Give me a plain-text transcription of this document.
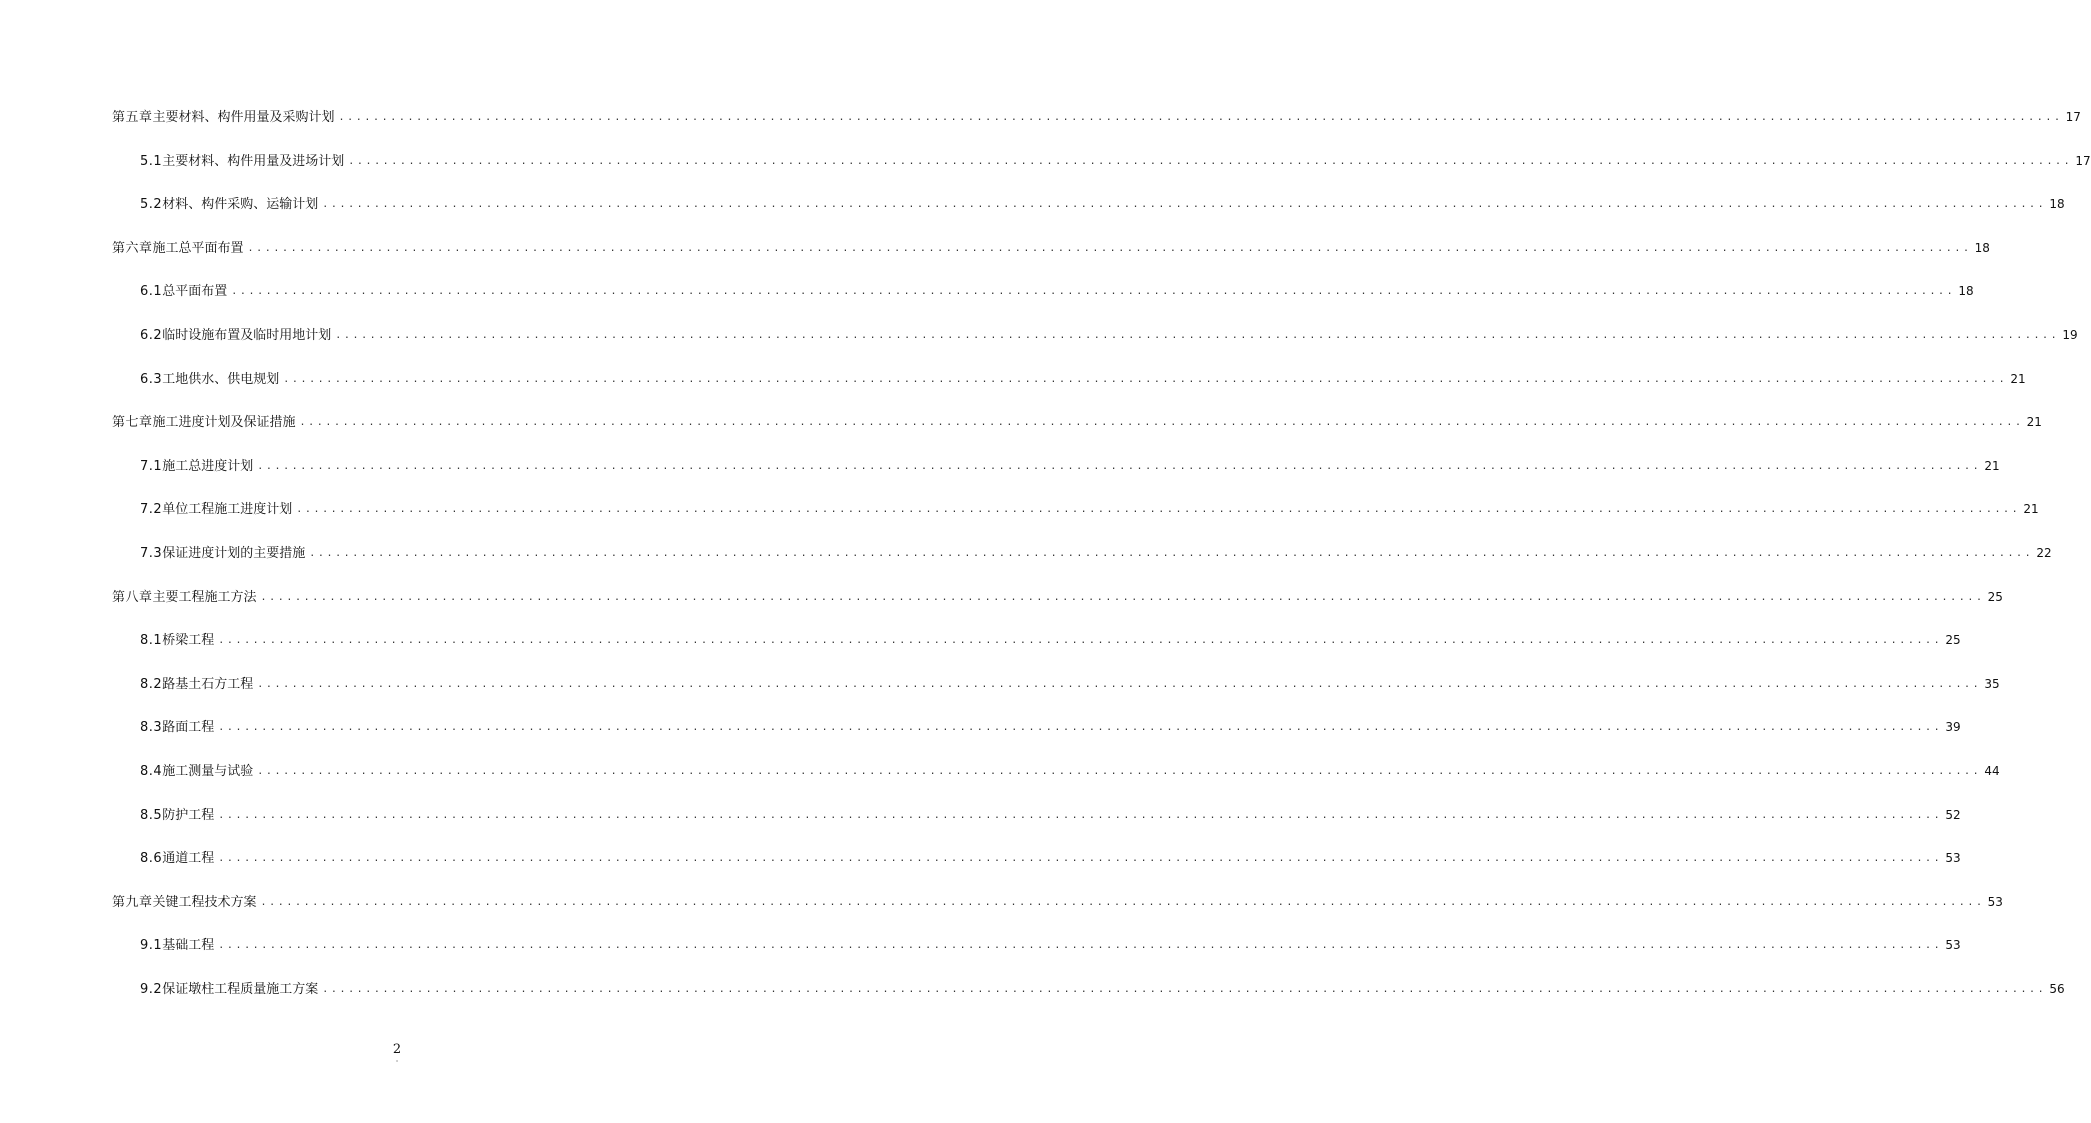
第五章 主要材料、构件用量及采购计划 ........................................................................................................................................................................................................ 17
5.1 主要材料、构件用量及进场计划 ........................................................................................................................................................................................................ 17
5.2 材料、构件采购、运输计划 ........................................................................................................................................................................................................ 18
第六章 施工总平面布置 ........................................................................................................................................................................................................ 18
6.1 总平面布置 ........................................................................................................................................................................................................ 18
6.2 临时设施布置及临时用地计划 ........................................................................................................................................................................................................ 19
6.3 工地供水、供电规划 ........................................................................................................................................................................................................ 21
第七章 施工进度计划及保证措施 ........................................................................................................................................................................................................ 21
7.1 施工总进度计划 ........................................................................................................................................................................................................ 21
7.2 单位工程施工进度计划 ........................................................................................................................................................................................................ 21
7.3 保证进度计划的主要措施 ........................................................................................................................................................................................................ 22
第八章 主要工程施工方法 ........................................................................................................................................................................................................ 25
8.1 桥梁工程 ........................................................................................................................................................................................................ 25
8.2 路基土石方工程 ........................................................................................................................................................................................................ 35
8.3 路面工程 ........................................................................................................................................................................................................ 39
8.4 施工测量与试验 ........................................................................................................................................................................................................ 44
8.5 防护工程 ........................................................................................................................................................................................................ 52
8.6 通道工程 ........................................................................................................................................................................................................ 53
第九章 关键工程技术方案 ........................................................................................................................................................................................................ 53
9.1 基础工程 ........................................................................................................................................................................................................ 53
9.2 保证墩柱工程质量施工方案 ........................................................................................................................................................................................................ 56
2
·
